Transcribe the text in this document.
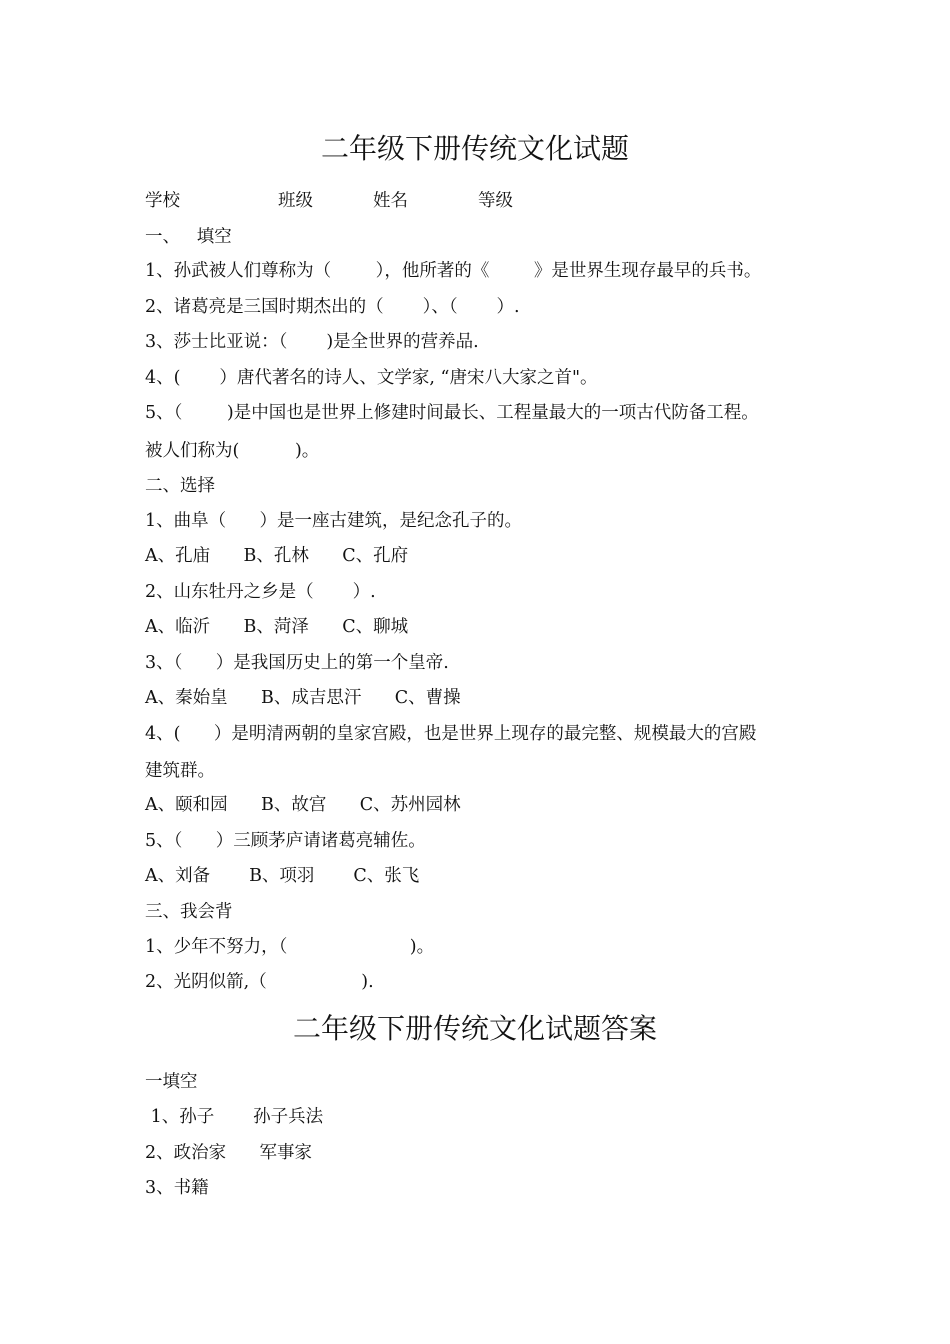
二年级下册传统文化试题
学校	班级	姓名	等级
一、   填空
1、孙武被人们尊称为（        ），他所著的《        》是世界生现存最早的兵书。
2、诸葛亮是三国时期杰出的（       ）、（       ）.
3、莎士比亚说：（       )是全世界的营养品.
4、(       ）唐代著名的诗人、文学家, “唐宋八大家之首"。
5、（        )是中国也是世界上修建时间最长、工程量最大的一项古代防备工程。
被人们称为(          )。
二、选择
1、曲阜（      ）是一座古建筑，是纪念孔子的。
A、孔庙      B、孔林      C、孔府
2、山东牡丹之乡是（       ）.
A、临沂      B、菏泽      C、聊城
3、（      ）是我国历史上的第一个皇帝.
A、秦始皇      B、成吉思汗      C、曹操
4、(      ）是明清两朝的皇家宫殿，也是世界上现存的最完整、规模最大的宫殿
建筑群。
A、颐和园      B、故宫      C、苏州园林
5、（      ）三顾茅庐请诸葛亮辅佐。
A、刘备       B、项羽       C、张飞
三、我会背
1、少年不努力，（                      )。
2、光阴似箭,（                 ).
二年级下册传统文化试题答案
一填空
1、孙子       孙子兵法
2、政治家      军事家
3、书籍
